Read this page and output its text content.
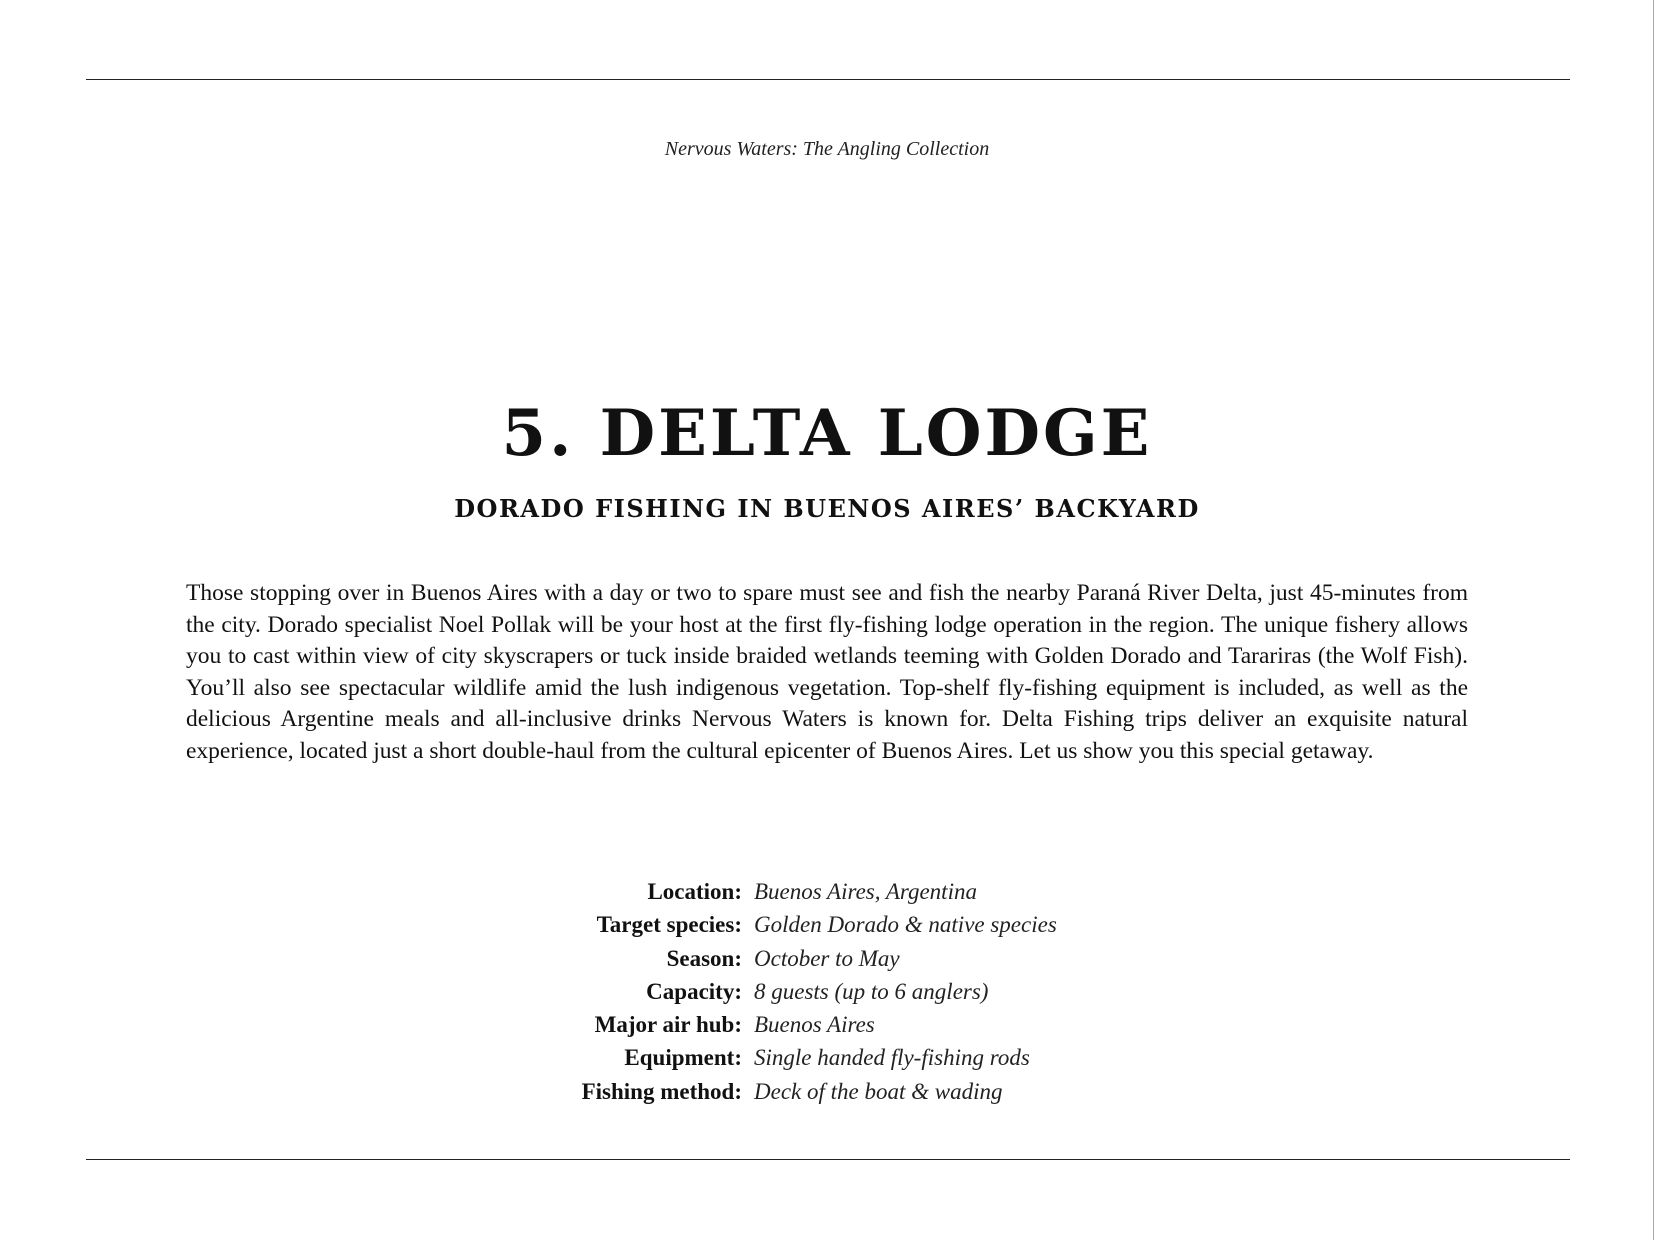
Nervous Waters: The Angling Collection
5. DELTA LODGE
DORADO FISHING IN BUENOS AIRES’ BACKYARD

Those stopping over in Buenos Aires with a day or two to spare must see and fish the nearby Paraná River Delta, just 45-minutes from the city. Dorado specialist Noel Pollak will be your host at the first fly-fishing lodge operation in the region. The unique fishery allows you to cast within view of city skyscrapers or tuck inside braided wetlands teeming with Golden Dorado and Tarariras (the Wolf Fish). You’ll also see spectacular wildlife amid the lush indigenous vegetation. Top-shelf fly-fishing equipment is included, as well as the delicious Argentine meals and all-inclusive drinks Nervous Waters is known for. Delta Fishing trips deliver an exquisite natural experience, located just a short double-haul from the cultural epicenter of Buenos Aires. Let us show you this special getaway.

Location: Buenos Aires, Argentina
Target species: Golden Dorado & native species
Season: October to May
Capacity: 8 guests (up to 6 anglers)
Major air hub: Buenos Aires
Equipment: Single handed fly-fishing rods
Fishing method: Deck of the boat & wading
